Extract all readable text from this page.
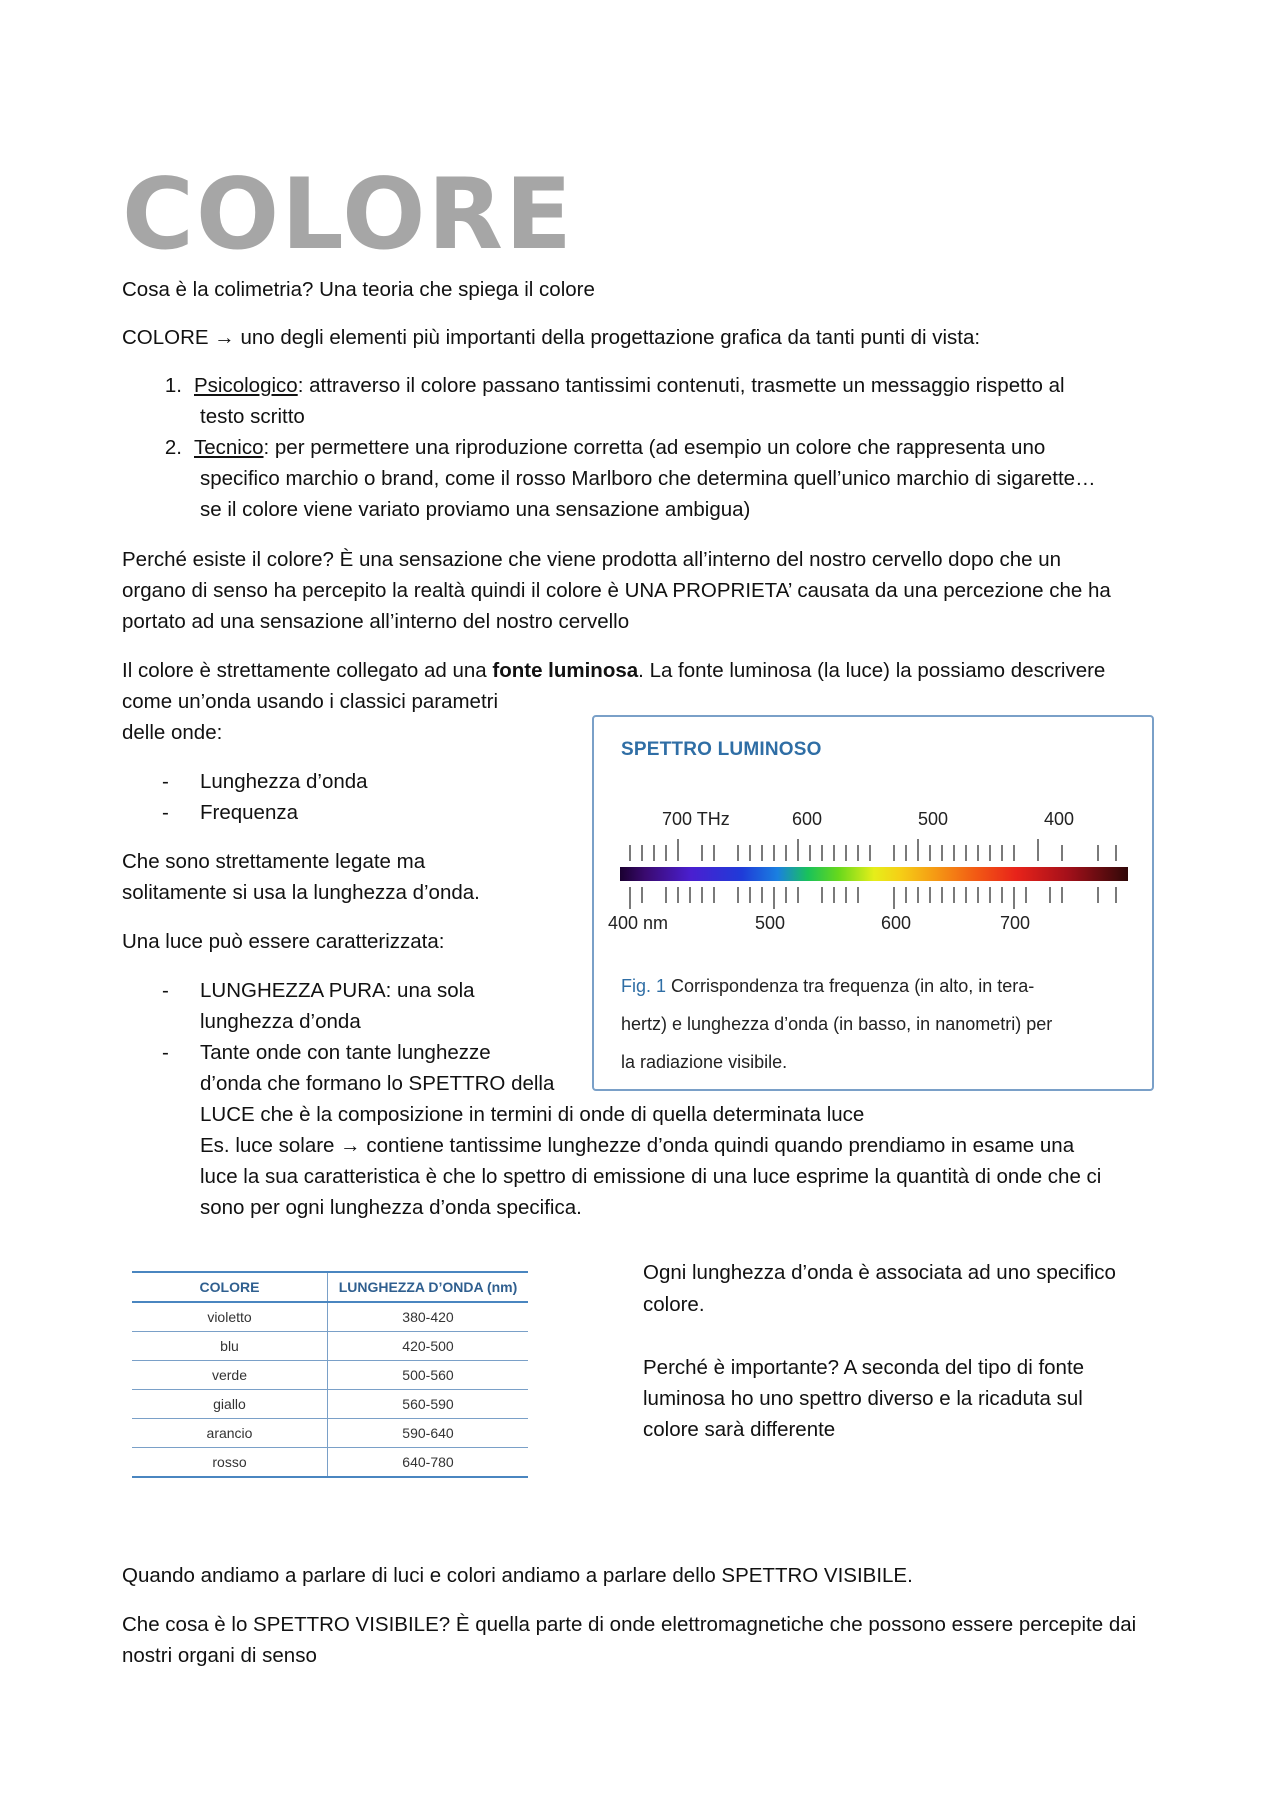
COLORE

Cosa è la colimetria? Una teoria che spiega il colore

COLORE → uno degli elementi più importanti della progettazione grafica da tanti punti di vista:

1. Psicologico: attraverso il colore passano tantissimi contenuti, trasmette un messaggio rispetto al

testo scritto

2. Tecnico: per permettere una riproduzione corretta (ad esempio un colore che rappresenta uno

specifico marchio o brand, come il rosso Marlboro che determina quell’unico marchio di sigarette…

se il colore viene variato proviamo una sensazione ambigua)

Perché esiste il colore? È una sensazione che viene prodotta all’interno del nostro cervello dopo che un

organo di senso ha percepito la realtà quindi il colore è UNA PROPRIETA’ causata da una percezione che ha

portato ad una sensazione all’interno del nostro cervello

Il colore è strettamente collegato ad una fonte luminosa. La fonte luminosa (la luce) la possiamo descrivere

come un’onda usando i classici parametri

delle onde:

- Lunghezza d’onda

- Frequenza

Che sono strettamente legate ma

solitamente si usa la lunghezza d’onda.

Una luce può essere caratterizzata:

- LUNGHEZZA PURA: una sola

lunghezza d’onda

- Tante onde con tante lunghezze

d’onda che formano lo SPETTRO della

LUCE che è la composizione in termini di onde di quella determinata luce

Es. luce solare → contiene tantissime lunghezze d’onda quindi quando prendiamo in esame una

luce la sua caratteristica è che lo spettro di emissione di una luce esprime la quantità di onde che ci

sono per ogni lunghezza d’onda specifica.

SPETTRO LUMINOSO
700 THz	600	500	400
400 nm	500	600	700
Fig. 1 Corrispondenza tra frequenza (in alto, in tera-
hertz) e lunghezza d’onda (in basso, in nanometri) per
la radiazione visibile.
COLORE	LUNGHEZZA D’ONDA (nm)
violetto	380-420
blu	420-500
verde	500-560
giallo	560-590
arancio	590-640
rosso	640-780

Ogni lunghezza d’onda è associata ad uno specifico

colore.

Perché è importante? A seconda del tipo di fonte

luminosa ho uno spettro diverso e la ricaduta sul

colore sarà differente

Quando andiamo a parlare di luci e colori andiamo a parlare dello SPETTRO VISIBILE.

Che cosa è lo SPETTRO VISIBILE? È quella parte di onde elettromagnetiche che possono essere percepite dai

nostri organi di senso
